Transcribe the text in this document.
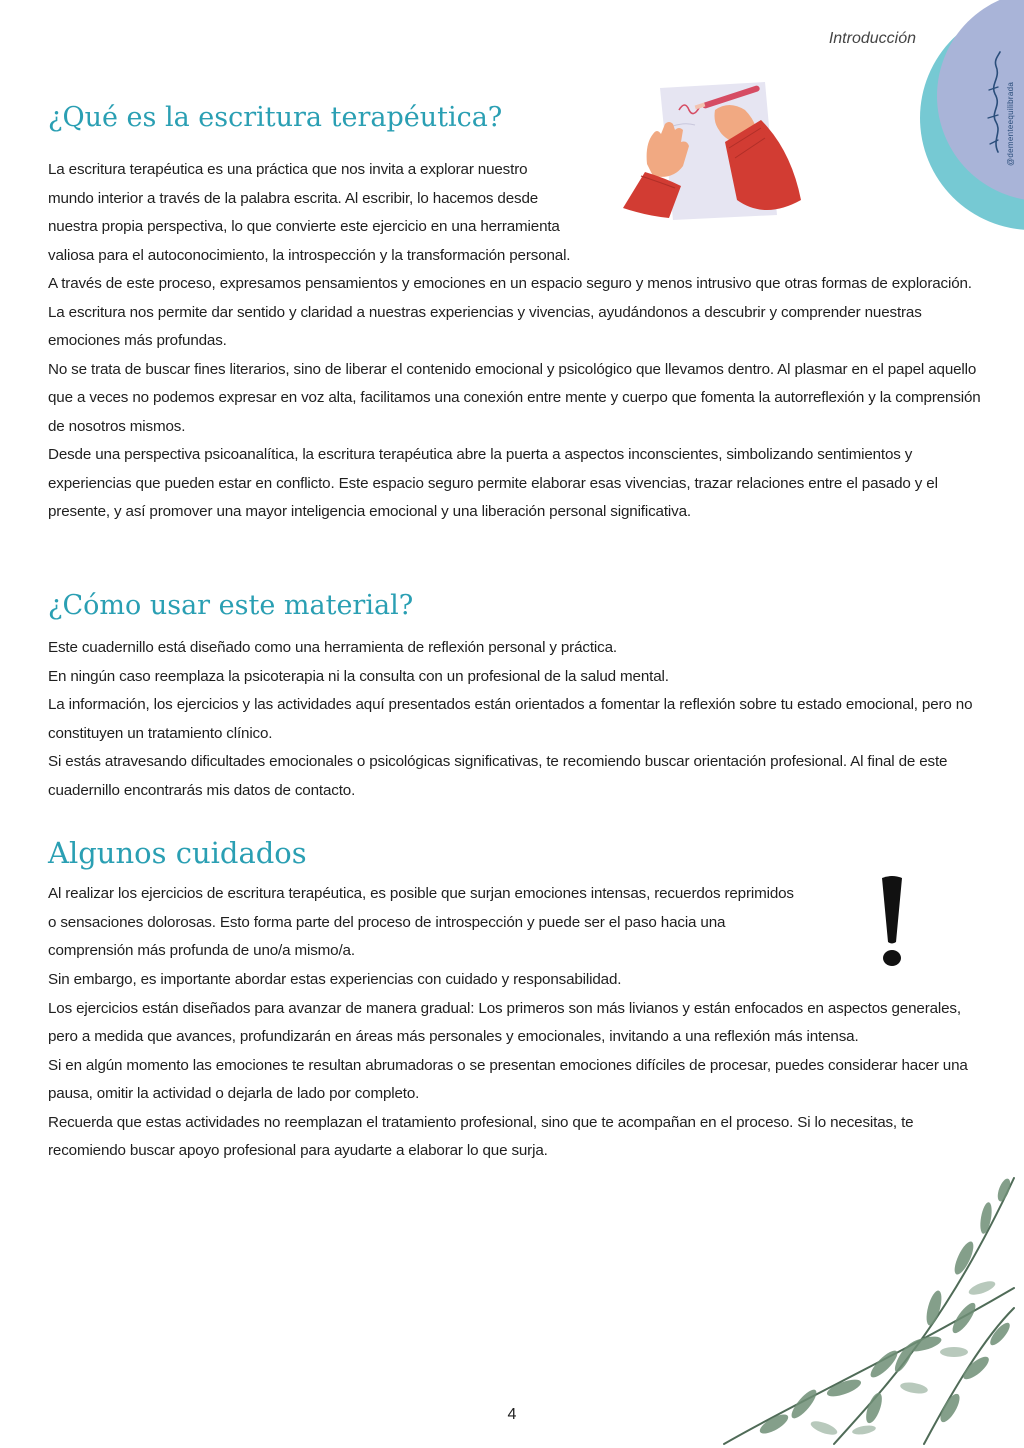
@dementeequilibrada
Introducción
¿Qué es la escritura terapéutica?

La escritura terapéutica es una práctica que nos invita a explorar nuestro

mundo interior a través de la palabra escrita. Al escribir, lo hacemos desde

nuestra propia perspectiva, lo que convierte este ejercicio en una herramienta

valiosa para el autoconocimiento, la introspección y la transformación personal.

A través de este proceso, expresamos pensamientos y emociones en un espacio seguro y menos intrusivo que otras formas de exploración. La escritura nos permite dar sentido y claridad a nuestras experiencias y vivencias, ayudándonos a descubrir y comprender nuestras emociones más profundas.

No se trata de buscar fines literarios, sino de liberar el contenido emocional y psicológico que llevamos dentro. Al plasmar en el papel aquello que a veces no podemos expresar en voz alta, facilitamos una conexión entre mente y cuerpo que fomenta la autorreflexión y la comprensión de nosotros mismos.

Desde una perspectiva psicoanalítica, la escritura terapéutica abre la puerta a aspectos inconscientes, simbolizando sentimientos y experiencias que pueden estar en conflicto. Este espacio seguro permite elaborar esas vivencias, trazar relaciones entre el pasado y el presente, y así promover una mayor inteligencia emocional y una liberación personal significativa.

¿Cómo usar este material?

Este cuadernillo está diseñado como una herramienta de reflexión personal y práctica.

En ningún caso reemplaza la psicoterapia ni la consulta con un profesional de la salud mental.

La información, los ejercicios y las actividades aquí presentados están orientados a fomentar la reflexión sobre tu estado emocional, pero no constituyen un tratamiento clínico.

Si estás atravesando dificultades emocionales o psicológicas significativas, te recomiendo buscar orientación profesional. Al final de este cuadernillo encontrarás mis datos de contacto.

Algunos cuidados

Al realizar los ejercicios de escritura terapéutica, es posible que surjan emociones intensas, recuerdos reprimidos

o sensaciones dolorosas. Esto forma parte del proceso de introspección y puede ser el paso hacia una

comprensión más profunda de uno/a mismo/a.

Sin embargo, es importante abordar estas experiencias con cuidado y responsabilidad.

Los ejercicios están diseñados para avanzar de manera gradual: Los primeros son más livianos y están enfocados en aspectos generales, pero a medida que avances, profundizarán en áreas más personales y emocionales, invitando a una reflexión más intensa.

Si en algún momento las emociones te resultan abrumadoras o se presentan emociones difíciles de procesar, puedes considerar hacer una pausa, omitir la actividad o dejarla de lado por completo.

Recuerda que estas actividades no reemplazan el tratamiento profesional, sino que te acompañan en el proceso. Si lo necesitas, te recomiendo buscar apoyo profesional para ayudarte a elaborar lo que surja.

4
